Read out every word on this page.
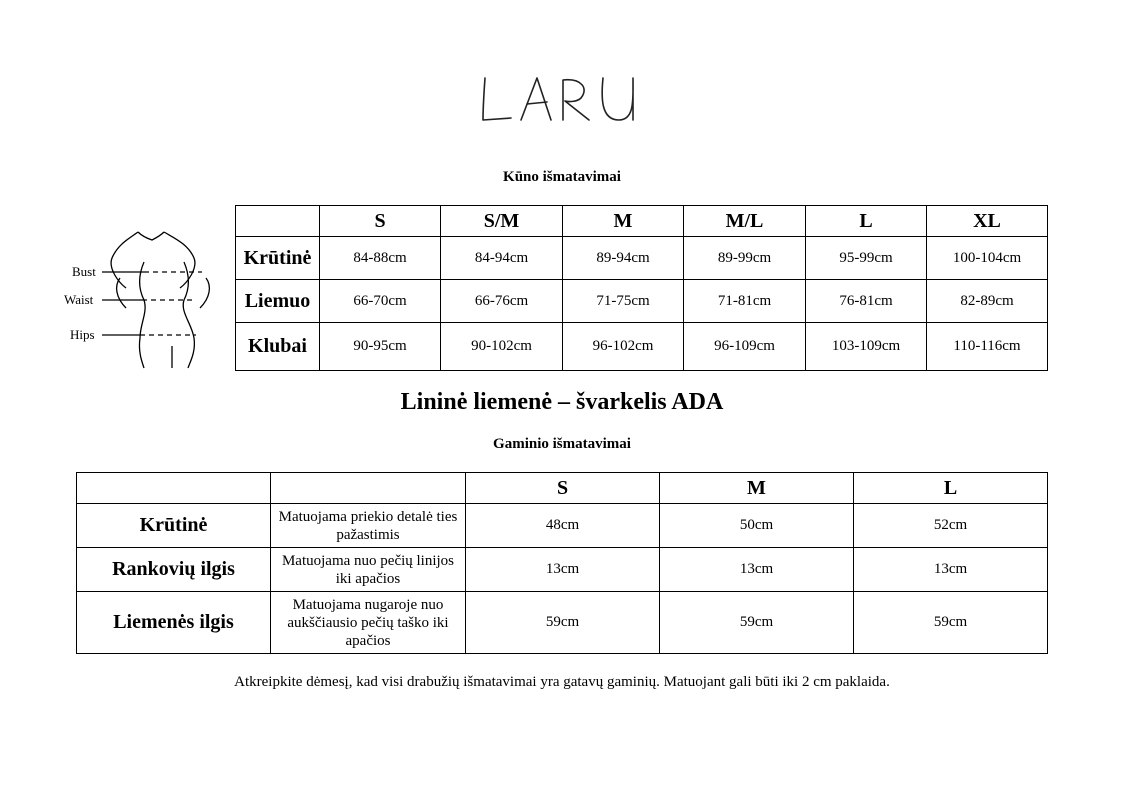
Kūno išmatavimai
Bust
Waist
Hips
	S	S/M	M	M/L	L	XL
Krūtinė	84-88cm	84-94cm	89-94cm	89-99cm	95-99cm	100-104cm
Liemuo	66-70cm	66-76cm	71-75cm	71-81cm	76-81cm	82-89cm
Klubai	90-95cm	90-102cm	96-102cm	96-109cm	103-109cm	110-116cm
Lininė liemenė – švarkelis ADA
Gaminio išmatavimai
		S	M	L
Krūtinė	Matuojama priekio detalė ties pažastimis	48cm	50cm	52cm
Rankovių ilgis	Matuojama nuo pečių linijos iki apačios	13cm	13cm	13cm
Liemenės ilgis	Matuojama nugaroje nuo aukščiausio pečių taško iki apačios	59cm	59cm	59cm
Atkreipkite dėmesį, kad visi drabužių išmatavimai yra gatavų gaminių. Matuojant gali būti iki 2 cm paklaida.
